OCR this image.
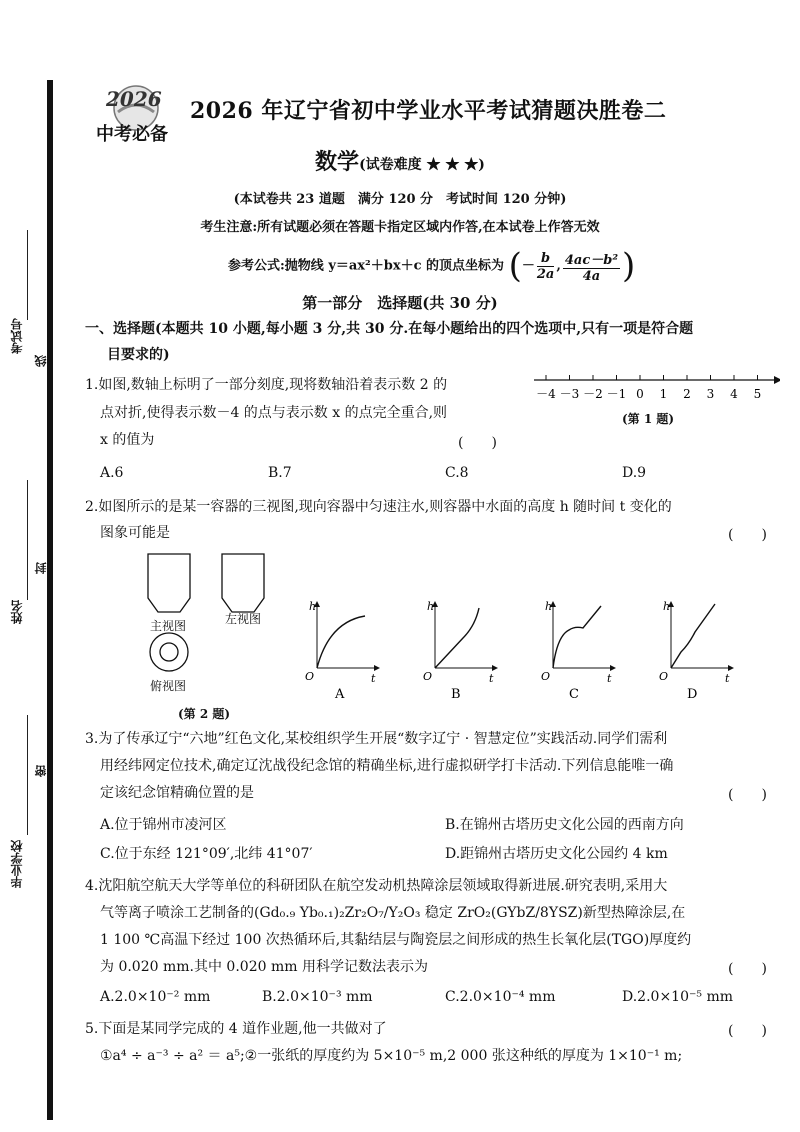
考试号
线
姓名
封
毕业学校
密
2026
中考必备
2026 年辽宁省初中学业水平考试猜题决胜卷二
数学(试卷难度 ★ ★ ★)
(本试卷共 23 道题　满分 120 分　考试时间 120 分钟)
考生注意:所有试题必须在答题卡指定区域内作答,在本试卷上作答无效
参考公式:抛物线 y＝ax²＋bx＋c 的顶点坐标为 (－ $\frac{b}{2a}$ , $\frac{\text{4ac－b²}}{4a}$ )
第一部分　选择题(共 30 分)
一、选择题(本题共 10 小题,每小题 3 分,共 30 分.在每小题给出的四个选项中,只有一项是符合题
目要求的)
1.如图,数轴上标明了一部分刻度,现将数轴沿着表示数 2 的
点对折,使得表示数－4 的点与表示数 x 的点完全重合,则
x 的值为	(　　)
－4 －3 －2 －1 0 1 2 3 4 5
(第 1 题)
A.6	B.7	C.8	D.9
2.如图所示的是某一容器的三视图,现向容器中匀速注水,则容器中水面的高度 h 随时间 t 变化的
图象可能是	(　　)
主视图	左视图
俯视图
(第 2 题)
h
t
O
A
h
t
O
B
h
t
O
C
h
t
O
D
3.为了传承辽宁“六地”红色文化,某校组织学生开展“数字辽宁 · 智慧定位”实践活动.同学们需利
用经纬网定位技术,确定辽沈战役纪念馆的精确坐标,进行虚拟研学打卡活动.下列信息能唯一确
定该纪念馆精确位置的是	(　　)
A.位于锦州市凌河区	B.在锦州古塔历史文化公园的西南方向
C.位于东经 121°09′,北纬 41°07′	D.距锦州古塔历史文化公园约 4 km
4.沈阳航空航天大学等单位的科研团队在航空发动机热障涂层领域取得新进展.研究表明,采用大
气等离子喷涂工艺制备的(Gd₀.₉ Yb₀.₁)₂Zr₂O₇/Y₂O₃ 稳定 ZrO₂(GYbZ/8YSZ)新型热障涂层,在
1 100 ℃高温下经过 100 次热循环后,其黏结层与陶瓷层之间形成的热生长氧化层(TGO)厚度约
为 0.020 mm.其中 0.020 mm 用科学记数法表示为	(　　)
A.2.0×10⁻² mm	B.2.0×10⁻³ mm	C.2.0×10⁻⁴ mm	D.2.0×10⁻⁵ mm
5.下面是某同学完成的 4 道作业题,他一共做对了	(　　)
①a⁴ ÷ a⁻³ ÷ a² ＝ a⁵;②一张纸的厚度约为 5×10⁻⁵ m,2 000 张这种纸的厚度为 1×10⁻¹ m;
